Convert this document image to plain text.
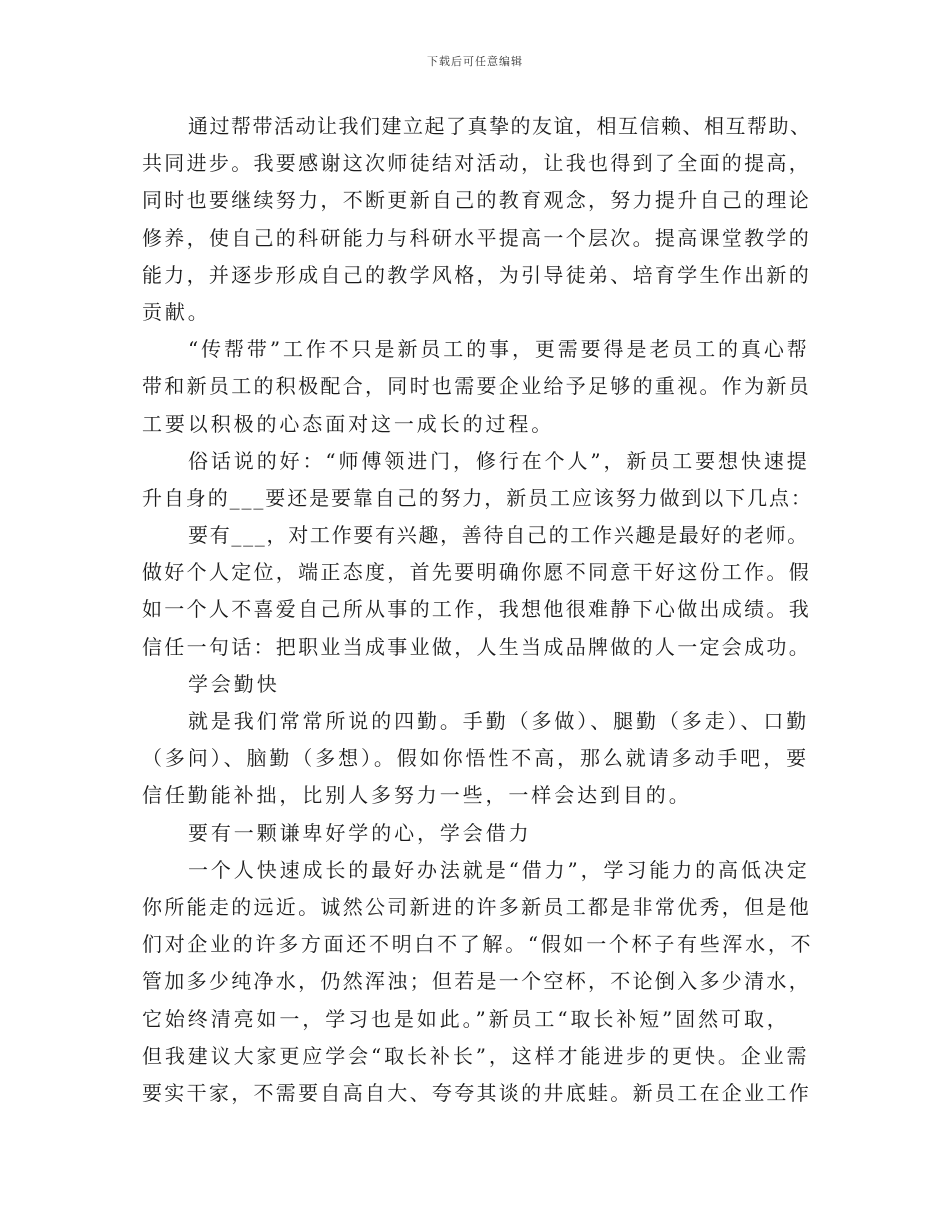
下载后可任意编辑
通过帮带活动让我们建立起了真挚的友谊，相互信赖、相互帮助、
共同进步。我要感谢这次师徒结对活动，让我也得到了全面的提高，
同时也要继续努力，不断更新自己的教育观念，努力提升自己的理论
修养，使自己的科研能力与科研水平提高一个层次。提高课堂教学的
能力，并逐步形成自己的教学风格，为引导徒弟、培育学生作出新的
贡献。
“传帮带”工作不只是新员工的事，更需要得是老员工的真心帮
带和新员工的积极配合，同时也需要企业给予足够的重视。作为新员
工要以积极的心态面对这一成长的过程。
俗话说的好：“师傅领进门，修行在个人”，新员工要想快速提
升自身的___要还是要靠自己的努力，新员工应该努力做到以下几点：
要有___，对工作要有兴趣，善待自己的工作兴趣是最好的老师。
做好个人定位，端正态度，首先要明确你愿不同意干好这份工作。假
如一个人不喜爱自己所从事的工作，我想他很难静下心做出成绩。我
信任一句话：把职业当成事业做，人生当成品牌做的人一定会成功。
学会勤快
就是我们常常所说的四勤。手勤（多做）、腿勤（多走）、口勤
（多问）、脑勤（多想）。假如你悟性不高，那么就请多动手吧，要
信任勤能补拙，比别人多努力一些，一样会达到目的。
要有一颗谦卑好学的心，学会借力
一个人快速成长的最好办法就是“借力”，学习能力的高低决定
你所能走的远近。诚然公司新进的许多新员工都是非常优秀，但是他
们对企业的许多方面还不明白不了解。“假如一个杯子有些浑水，不
管加多少纯净水，仍然浑浊；但若是一个空杯，不论倒入多少清水，
它始终清亮如一，学习也是如此。”新员工“取长补短”固然可取，
但我建议大家更应学会“取长补长”，这样才能进步的更快。企业需
要实干家，不需要自高自大、夸夸其谈的井底蛙。新员工在企业工作
